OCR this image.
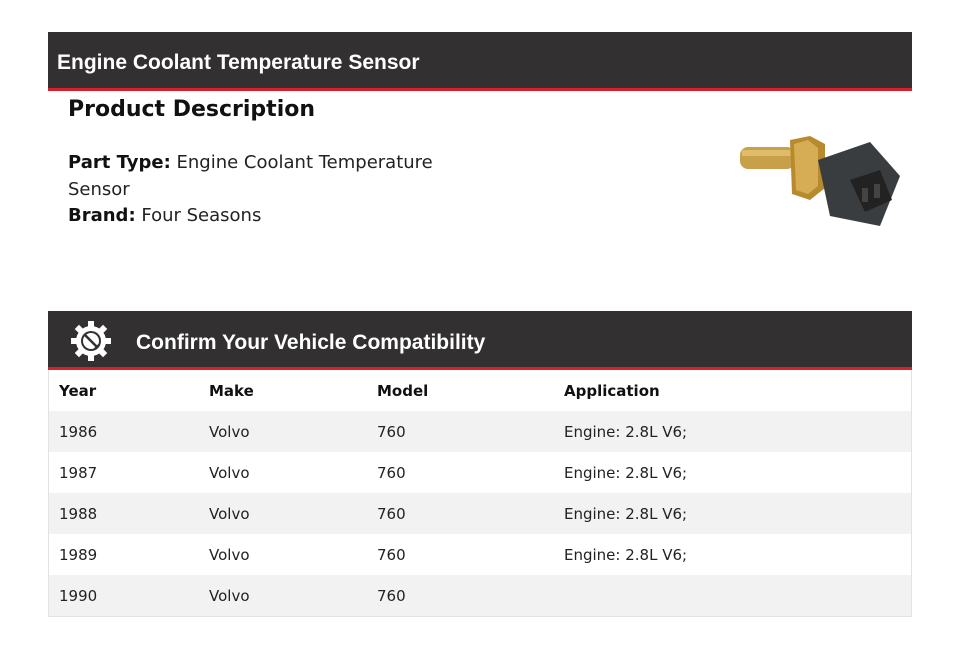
Engine Coolant Temperature Sensor
Product Description
Part Type: Engine Coolant Temperature Sensor
Brand: Four Seasons
Confirm Your Vehicle Compatibility
Year	Make	Model	Application
1986	Volvo	760	Engine: 2.8L V6;
1987	Volvo	760	Engine: 2.8L V6;
1988	Volvo	760	Engine: 2.8L V6;
1989	Volvo	760	Engine: 2.8L V6;
1990	Volvo	760	
